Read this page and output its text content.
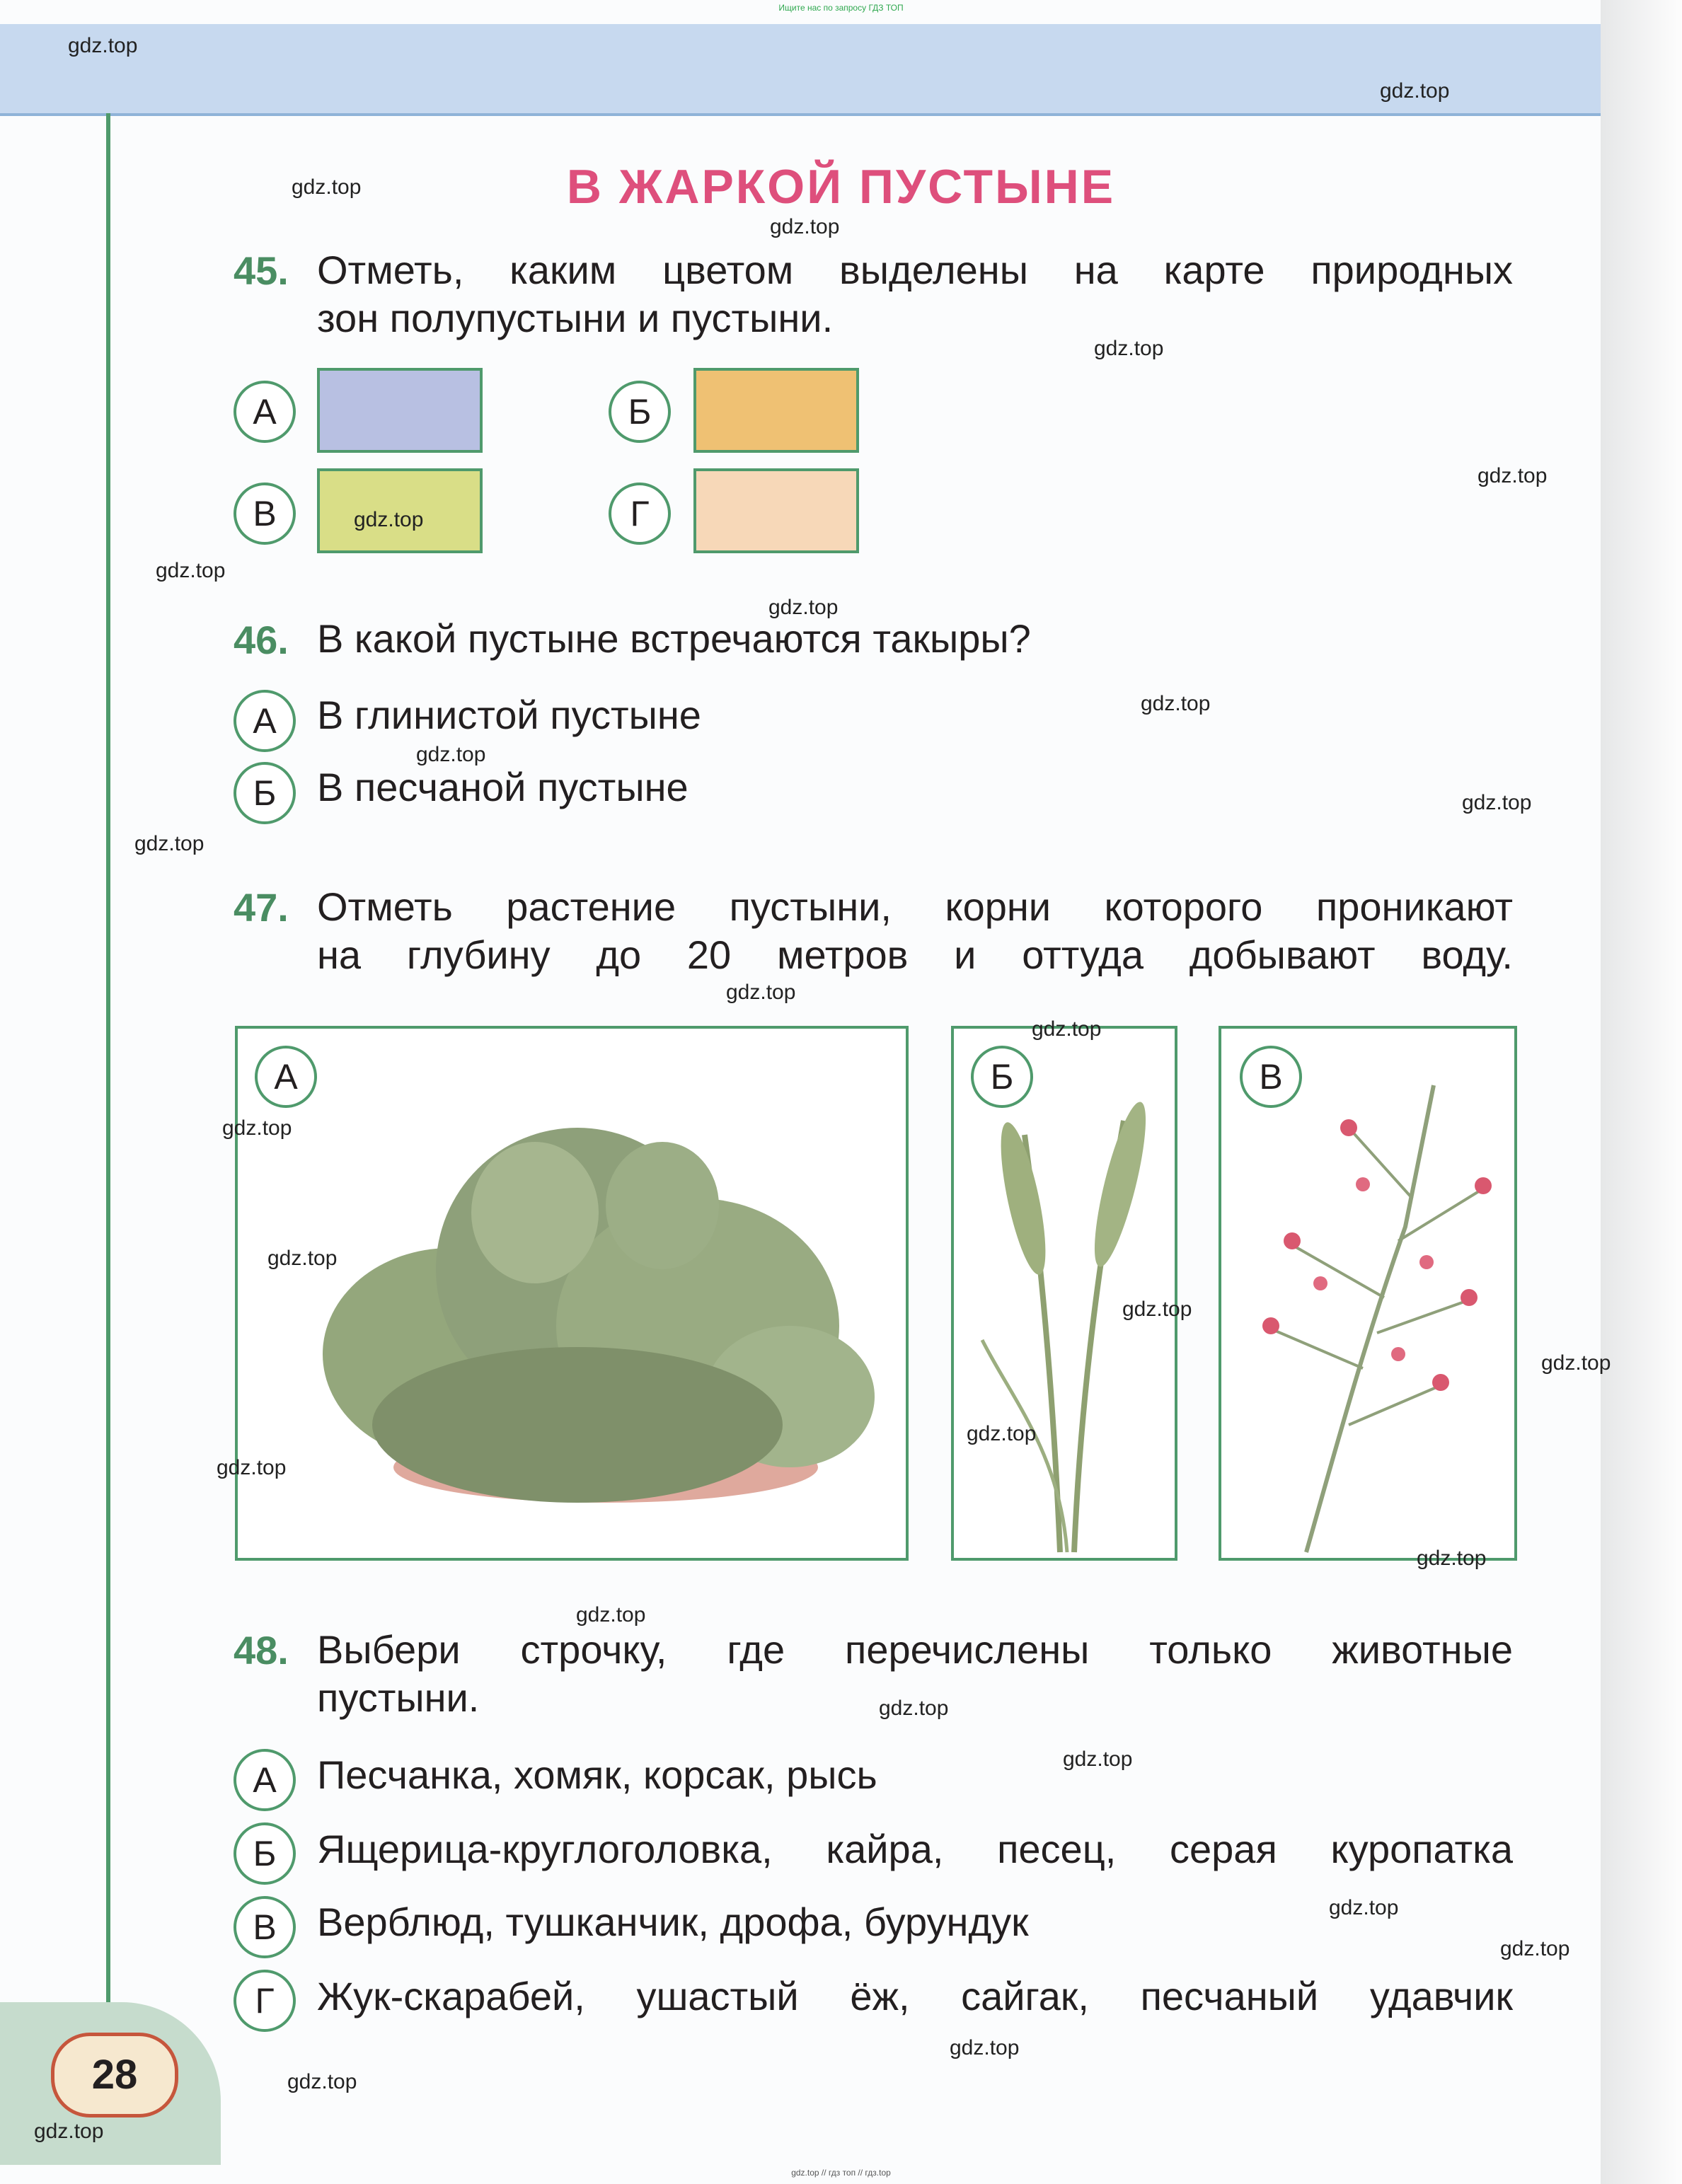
Ищите нас по запросу ГДЗ ТОП
28
gdz.top // гдз топ // гдз.top
В ЖАРКОЙ ПУСТЫНЕ
45. Отметь, каким цветом выделены на карте природных
зон полупустыни и пустыни.
А	Б
В	Г
46. В какой пустыне встречаются такыры?
А	В глинистой пустыне
Б	В песчаной пустыне
47. Отметь растение пустыни, корни которого проникают
на глубину до 20 метров и оттуда добывают воду.
А	Б	В
48. Выбери строчку, где перечислены только животные
пустыни.
А	Песчанка, хомяк, корсак, рысь
Б	Ящерица-круглоголовка, кайра, песец, серая куропатка
В	Верблюд, тушканчик, дрофа, бурундук
Г	Жук-скарабей, ушастый ёж, сайгак, песчаный удавчик
gdz.top
gdz.top
gdz.top
gdz.top
gdz.top
gdz.top
gdz.top
gdz.top
gdz.top
gdz.top
gdz.top
gdz.top
gdz.top
gdz.top
gdz.top
gdz.top
gdz.top
gdz.top
gdz.top
gdz.top
gdz.top
gdz.top
gdz.top
gdz.top
gdz.top
gdz.top
gdz.top
gdz.top
gdz.top
gdz.top
